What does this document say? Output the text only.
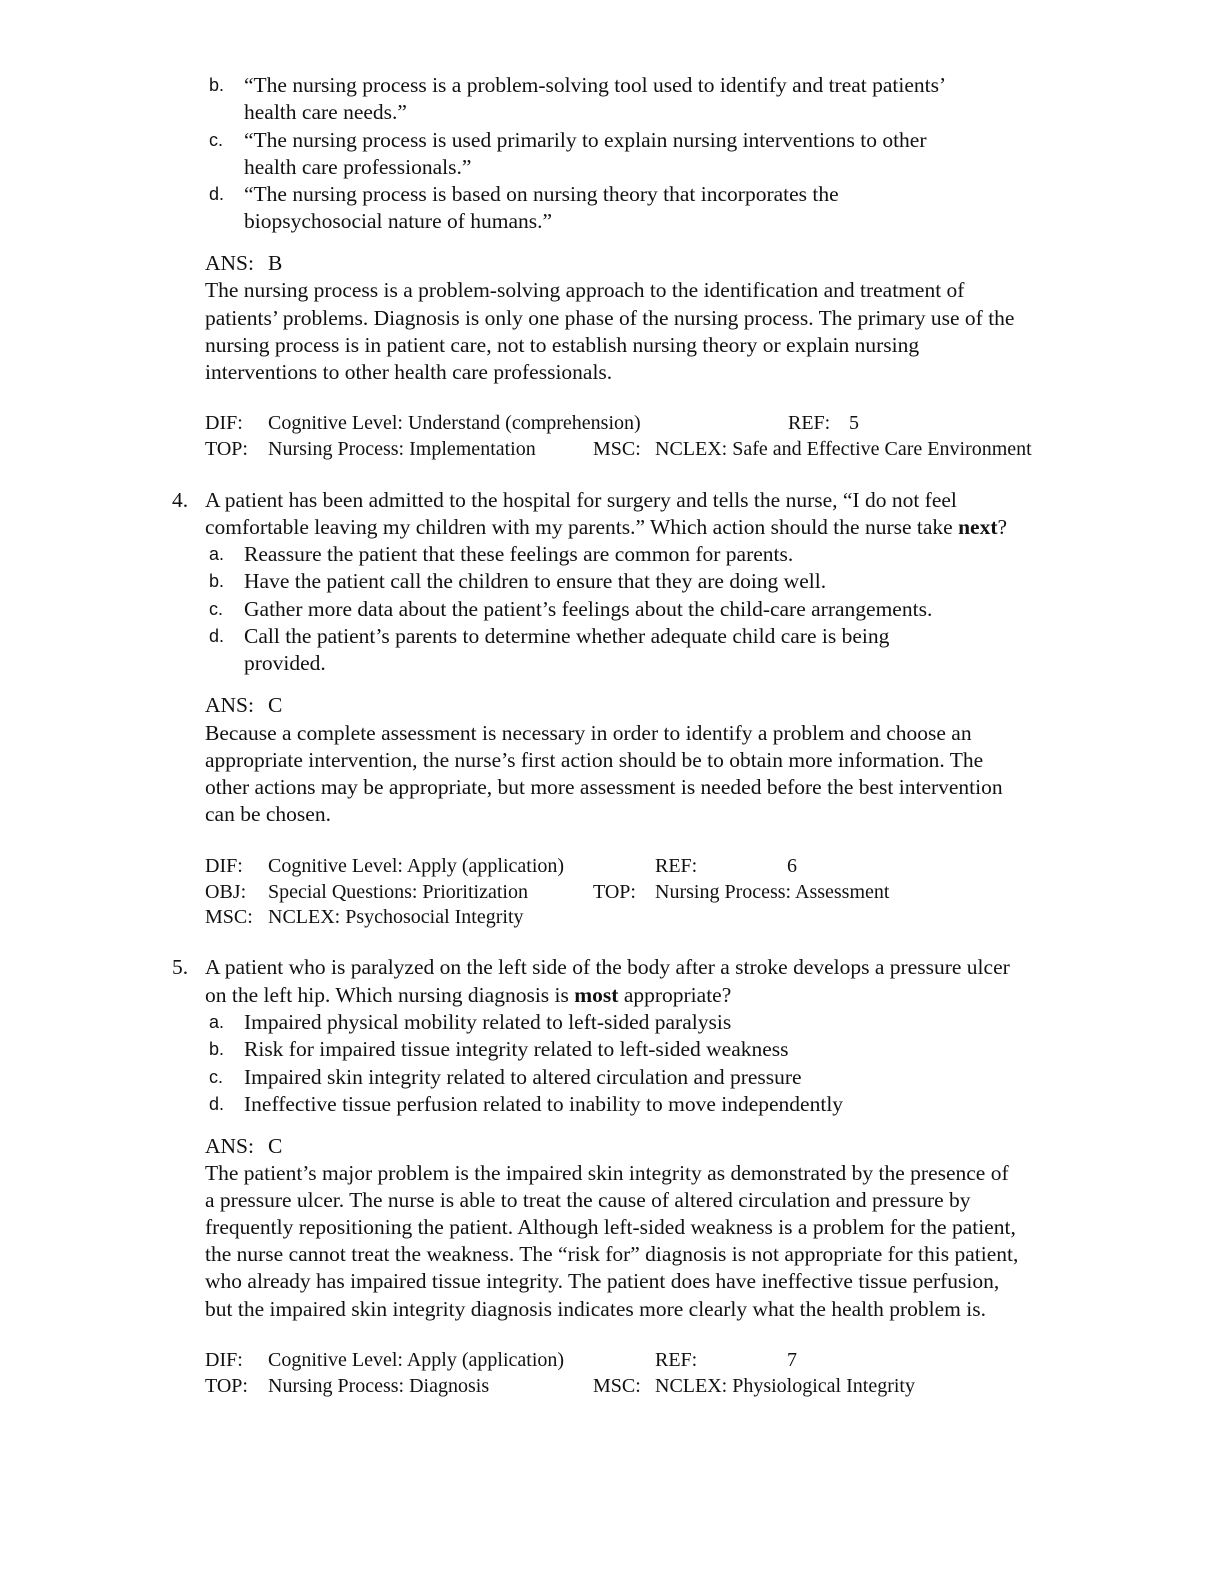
b. “The nursing process is a problem-solving tool used to identify and treat patients’
health care needs.”
c. “The nursing process is used primarily to explain nursing interventions to other
health care professionals.”
d. “The nursing process is based on nursing theory that incorporates the
biopsychosocial nature of humans.”
ANS: B
The nursing process is a problem-solving approach to the identification and treatment of
patients’ problems. Diagnosis is only one phase of the nursing process. The primary use of the
nursing process is in patient care, not to establish nursing theory or explain nursing
interventions to other health care professionals.
DIF: Cognitive Level: Understand (comprehension)	REF: 5
TOP: Nursing Process: Implementation	MSC: NCLEX: Safe and Effective Care Environment
4. A patient has been admitted to the hospital for surgery and tells the nurse, “I do not feel
comfortable leaving my children with my parents.” Which action should the nurse take next?
a. Reassure the patient that these feelings are common for parents.
b. Have the patient call the children to ensure that they are doing well.
c. Gather more data about the patient’s feelings about the child-care arrangements.
d. Call the patient’s parents to determine whether adequate child care is being
provided.
ANS: C
Because a complete assessment is necessary in order to identify a problem and choose an
appropriate intervention, the nurse’s first action should be to obtain more information. The
other actions may be appropriate, but more assessment is needed before the best intervention
can be chosen.
DIF: Cognitive Level: Apply (application)	REF:	6
OBJ: Special Questions: Prioritization	TOP: Nursing Process: Assessment
MSC: NCLEX: Psychosocial Integrity
5. A patient who is paralyzed on the left side of the body after a stroke develops a pressure ulcer
on the left hip. Which nursing diagnosis is most appropriate?
a. Impaired physical mobility related to left-sided paralysis
b. Risk for impaired tissue integrity related to left-sided weakness
c. Impaired skin integrity related to altered circulation and pressure
d. Ineffective tissue perfusion related to inability to move independently
ANS: C
The patient’s major problem is the impaired skin integrity as demonstrated by the presence of
a pressure ulcer. The nurse is able to treat the cause of altered circulation and pressure by
frequently repositioning the patient. Although left-sided weakness is a problem for the patient,
the nurse cannot treat the weakness. The “risk for” diagnosis is not appropriate for this patient,
who already has impaired tissue integrity. The patient does have ineffective tissue perfusion,
but the impaired skin integrity diagnosis indicates more clearly what the health problem is.
DIF: Cognitive Level: Apply (application)	REF:	7
TOP: Nursing Process: Diagnosis	MSC: NCLEX: Physiological Integrity
